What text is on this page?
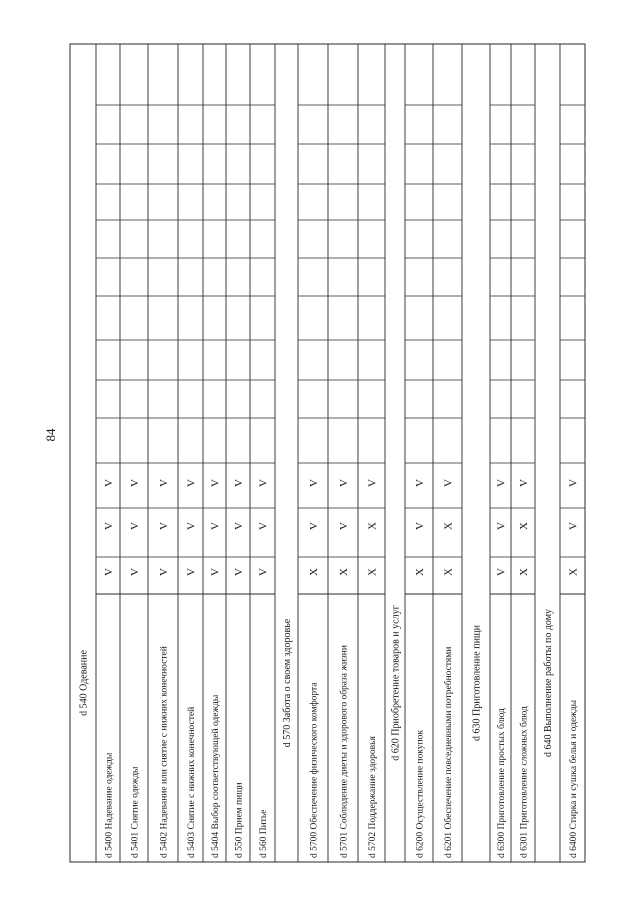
84
d 540 Одевание
d 5400 Надевание одежды
V
V
V
d 5401 Снятие одежды
V
V
V
d 5402 Надевание или снятие с нижних конечностей
V
V
V
d 5403 Снятие с нижних конечностей
V
V
V
d 5404 Выбор соответствующей одежды
V
V
V
d 550 Прием пищи
V
V
V
d 560 Питье
V
V
V
d 570 Забота о своем здоровье d 5700 Обеспечение физического комфорта
X
V
V
d 5701 Соблюдение диеты и здорового образа жизни
X
V
V
d 5702 Поддержание здоровья
X
X
V
d 620 Приобретение товаров и услуг
d 6200 Осуществление покупок
X
V
V
d 6201 Обеспечение повседневными потребностями
X
X
V
d 630 Приготовление пищи
d 6300 Приготовление простых блюд
V
V
V
d 6301 Приготовление сложных блюд
X
X
V
d 640 Выполнение работы по дому
d 6400 Стирка и сушка белья и одежды
X
V
V
